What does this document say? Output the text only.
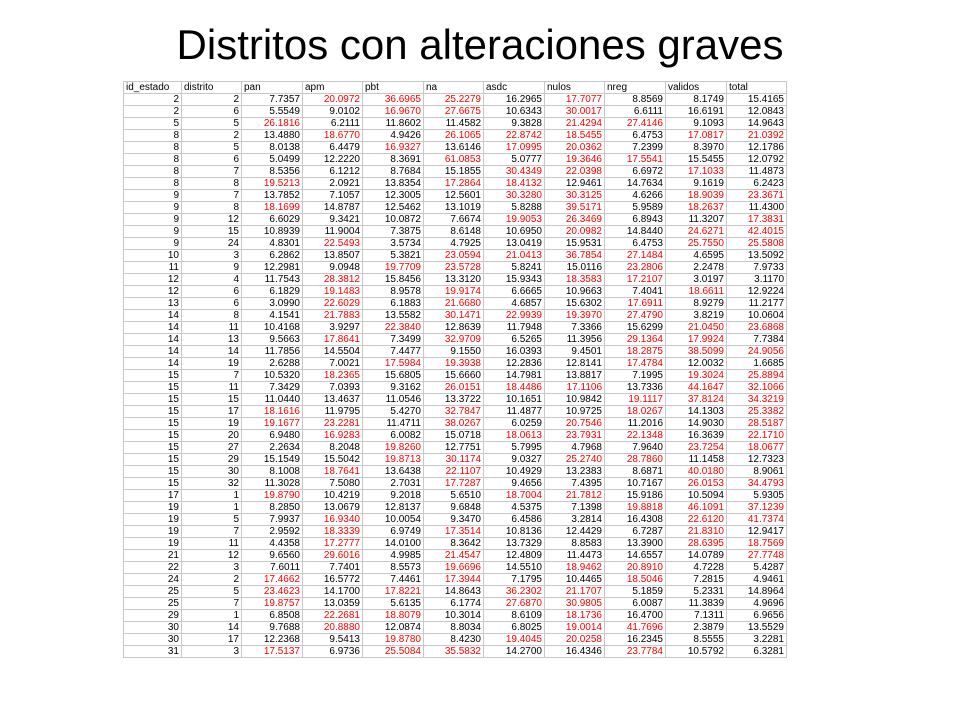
Distritos con alteraciones graves
id_estado	distrito	pan	apm	pbt	na	asdc	nulos	nreg	validos	total
2	2	7.7357	20.0972	36.6965	25.2279	16.2965	17.7077	8.8569	8.1749	15.4165
2	6	5.5549	9.0102	16.9670	27.6675	10.6343	30.0017	6.6111	16.6191	12.0843
5	5	26.1816	6.2111	11.8602	11.4582	9.3828	21.4294	27.4146	9.1093	14.9643
8	2	13.4880	18.6770	4.9426	26.1065	22.8742	18.5455	6.4753	17.0817	21.0392
8	5	8.0138	6.4479	16.9327	13.6146	17.0995	20.0362	7.2399	8.3970	12.1786
8	6	5.0499	12.2220	8.3691	61.0853	5.0777	19.3646	17.5541	15.5455	12.0792
8	7	8.5356	6.1212	8.7684	15.1855	30.4349	22.0398	6.6972	17.1033	11.4873
8	8	19.5213	2.0921	13.8354	17.2864	18.4132	12.9461	14.7634	9.1619	6.2423
9	7	13.7852	7.1057	12.3005	12.5601	30.3280	30.3125	4.6266	18.9039	23.3671
9	8	18.1699	14.8787	12.5462	13.1019	5.8288	39.5171	5.9589	18.2637	11.4300
9	12	6.6029	9.3421	10.0872	7.6674	19.9053	26.3469	6.8943	11.3207	17.3831
9	15	10.8939	11.9004	7.3875	8.6148	10.6950	20.0982	14.8440	24.6271	42.4015
9	24	4.8301	22.5493	3.5734	4.7925	13.0419	15.9531	6.4753	25.7550	25.5808
10	3	6.2862	13.8507	5.3821	23.0594	21.0413	36.7854	27.1484	4.6595	13.5092
11	9	12.2981	9.0948	19.7709	23.5728	5.8241	15.0116	23.2806	2.2478	7.9733
12	4	11.7543	28.3812	15.8456	13.3120	15.9343	18.3583	17.2107	3.0197	3.1170
12	6	6.1829	19.1483	8.9578	19.9174	6.6665	10.9663	7.4041	18.6611	12.9224
13	6	3.0990	22.6029	6.1883	21.6680	4.6857	15.6302	17.6911	8.9279	11.2177
14	8	4.1541	21.7883	13.5582	30.1471	22.9939	19.3970	27.4790	3.8219	10.0604
14	11	10.4168	3.9297	22.3840	12.8639	11.7948	7.3366	15.6299	21.0450	23.6868
14	13	9.5663	17.8641	7.3499	32.9709	6.5265	11.3956	29.1364	17.9924	7.7384
14	14	11.7856	14.5504	7.4477	9.1550	16.0393	9.4501	18.2875	38.5099	24.9056
14	19	2.6288	7.0021	17.5984	19.3938	12.2836	12.8141	17.4784	12.0032	1.6685
15	7	10.5320	18.2365	15.6805	15.6660	14.7981	13.8817	7.1995	19.3024	25.8894
15	11	7.3429	7.0393	9.3162	26.0151	18.4486	17.1106	13.7336	44.1647	32.1066
15	15	11.0440	13.4637	11.0546	13.3722	10.1651	10.9842	19.1117	37.8124	34.3219
15	17	18.1616	11.9795	5.4270	32.7847	11.4877	10.9725	18.0267	14.1303	25.3382
15	19	19.1677	23.2281	11.4711	38.0267	6.0259	20.7546	11.2016	14.9030	28.5187
15	20	6.9480	16.9283	6.0082	15.0718	18.0613	23.7931	22.1348	16.3639	22.1710
15	27	2.2634	8.2048	19.8260	12.7751	5.7995	4.7968	7.9640	23.7254	18.0677
15	29	15.1549	15.5042	19.8713	30.1174	9.0327	25.2740	28.7860	11.1458	12.7323
15	30	8.1008	18.7641	13.6438	22.1107	10.4929	13.2383	8.6871	40.0180	8.9061
15	32	11.3028	7.5080	2.7031	17.7287	9.4656	7.4395	10.7167	26.0153	34.4793
17	1	19.8790	10.4219	9.2018	5.6510	18.7004	21.7812	15.9186	10.5094	5.9305
19	1	8.2850	13.0679	12.8137	9.6848	4.5375	7.1398	19.8818	46.1091	37.1239
19	5	7.9937	16.9340	10.0054	9.3470	6.4586	3.2814	16.4308	22.6120	41.7374
19	7	2.9592	18.3339	6.9749	17.3514	10.8136	12.4429	6.7287	21.8310	12.9417
19	11	4.4358	17.2777	14.0100	8.3642	13.7329	8.8583	13.3900	28.6395	18.7569
21	12	9.6560	29.6016	4.9985	21.4547	12.4809	11.4473	14.6557	14.0789	27.7748
22	3	7.6011	7.7401	8.5573	19.6696	14.5510	18.9462	20.8910	4.7228	5.4287
24	2	17.4662	16.5772	7.4461	17.3944	7.1795	10.4465	18.5046	7.2815	4.9461
25	5	23.4623	14.1700	17.8221	14.8643	36.2302	21.1707	5.1859	5.2331	14.8964
25	7	19.8757	13.0359	5.6135	6.1774	27.6870	30.9805	6.0087	11.3839	4.9696
29	1	6.8508	22.2681	18.8079	10.3014	8.6109	18.1736	16.4700	7.1311	6.9656
30	14	9.7688	20.8880	12.0874	8.8034	6.8025	19.0014	41.7696	2.3879	13.5529
30	17	12.2368	9.5413	19.8780	8.4230	19.4045	20.0258	16.2345	8.5555	3.2281
31	3	17.5137	6.9736	25.5084	35.5832	14.2700	16.4346	23.7784	10.5792	6.3281
